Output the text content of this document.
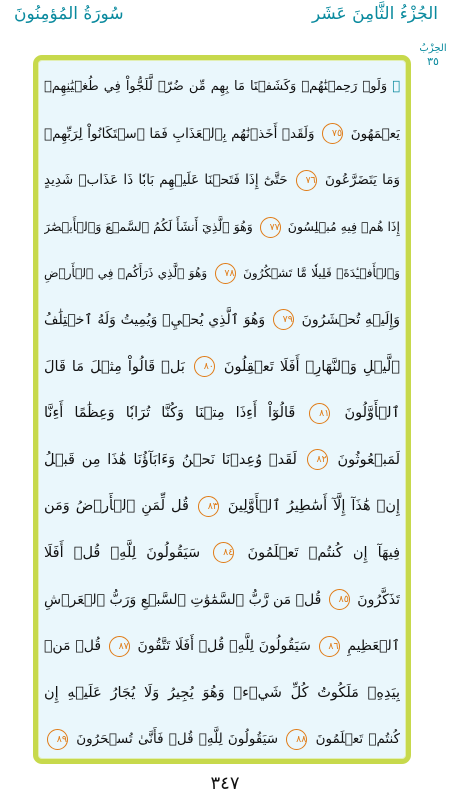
الجُزْءُ الثَّامِنَ عَشَر
سُورَةُ المُؤمِنُونَ
الحِزْبُ
٣٥
۞ وَلَوۡ رَحِمۡنَٰهُمۡ وَكَشَفۡنَا مَا بِهِم مِّن ضُرّٖ لَّلَجُّواْ فِي طُغۡيَٰنِهِمۡ
يَعۡمَهُونَ ٧٥ وَلَقَدۡ أَخَذۡنَٰهُم بِٱلۡعَذَابِ فَمَا ٱسۡتَكَانُواْ لِرَبِّهِمۡ
وَمَا يَتَضَرَّعُونَ ٧٦ حَتَّىٰٓ إِذَا فَتَحۡنَا عَلَيۡهِم بَابٗا ذَا عَذَابٖ شَدِيدٍ
إِذَا هُمۡ فِيهِ مُبۡلِسُونَ ٧٧ وَهُوَ ٱلَّذِيٓ أَنشَأَ لَكُمُ ٱلسَّمۡعَ وَٱلۡأَبۡصَٰرَ
وَٱلۡأَفۡـِٔدَةَۚ قَلِيلٗا مَّا تَشۡكُرُونَ ٧٨ وَهُوَ ٱلَّذِي ذَرَأَكُمۡ فِي ٱلۡأَرۡضِ
وَإِلَيۡهِ تُحۡشَرُونَ ٧٩ وَهُوَ ٱلَّذِي يُحۡيِۦ وَيُمِيتُ وَلَهُ ٱخۡتِلَٰفُ
ٱلَّيۡلِ وَٱلنَّهَارِۚ أَفَلَا تَعۡقِلُونَ ٨٠ بَلۡ قَالُواْ مِثۡلَ مَا قَالَ
ٱلۡأَوَّلُونَ ٨١ قَالُوٓاْ أَءِذَا مِتۡنَا وَكُنَّا تُرَابٗا وَعِظَٰمًا أَءِنَّا
لَمَبۡعُوثُونَ ٨٢ لَقَدۡ وُعِدۡنَا نَحۡنُ وَءَابَآؤُنَا هَٰذَا مِن قَبۡلُ
إِنۡ هَٰذَآ إِلَّآ أَسَٰطِيرُ ٱلۡأَوَّلِينَ ٨٣ قُل لِّمَنِ ٱلۡأَرۡضُ وَمَن
فِيهَآ إِن كُنتُمۡ تَعۡلَمُونَ ٨٤ سَيَقُولُونَ لِلَّهِۚ قُلۡ أَفَلَا
تَذَكَّرُونَ ٨٥ قُلۡ مَن رَّبُّ ٱلسَّمَٰوَٰتِ ٱلسَّبۡعِ وَرَبُّ ٱلۡعَرۡشِ
ٱلۡعَظِيمِ ٨٦ سَيَقُولُونَ لِلَّهِۚ قُلۡ أَفَلَا تَتَّقُونَ ٨٧ قُلۡ مَنۢ
بِيَدِهِۦ مَلَكُوتُ كُلِّ شَيۡءٖ وَهُوَ يُجِيرُ وَلَا يُجَارُ عَلَيۡهِ إِن
كُنتُمۡ تَعۡلَمُونَ ٨٨ سَيَقُولُونَ لِلَّهِۚ قُلۡ فَأَنَّىٰ تُسۡحَرُونَ ٨٩
٣٤٧
